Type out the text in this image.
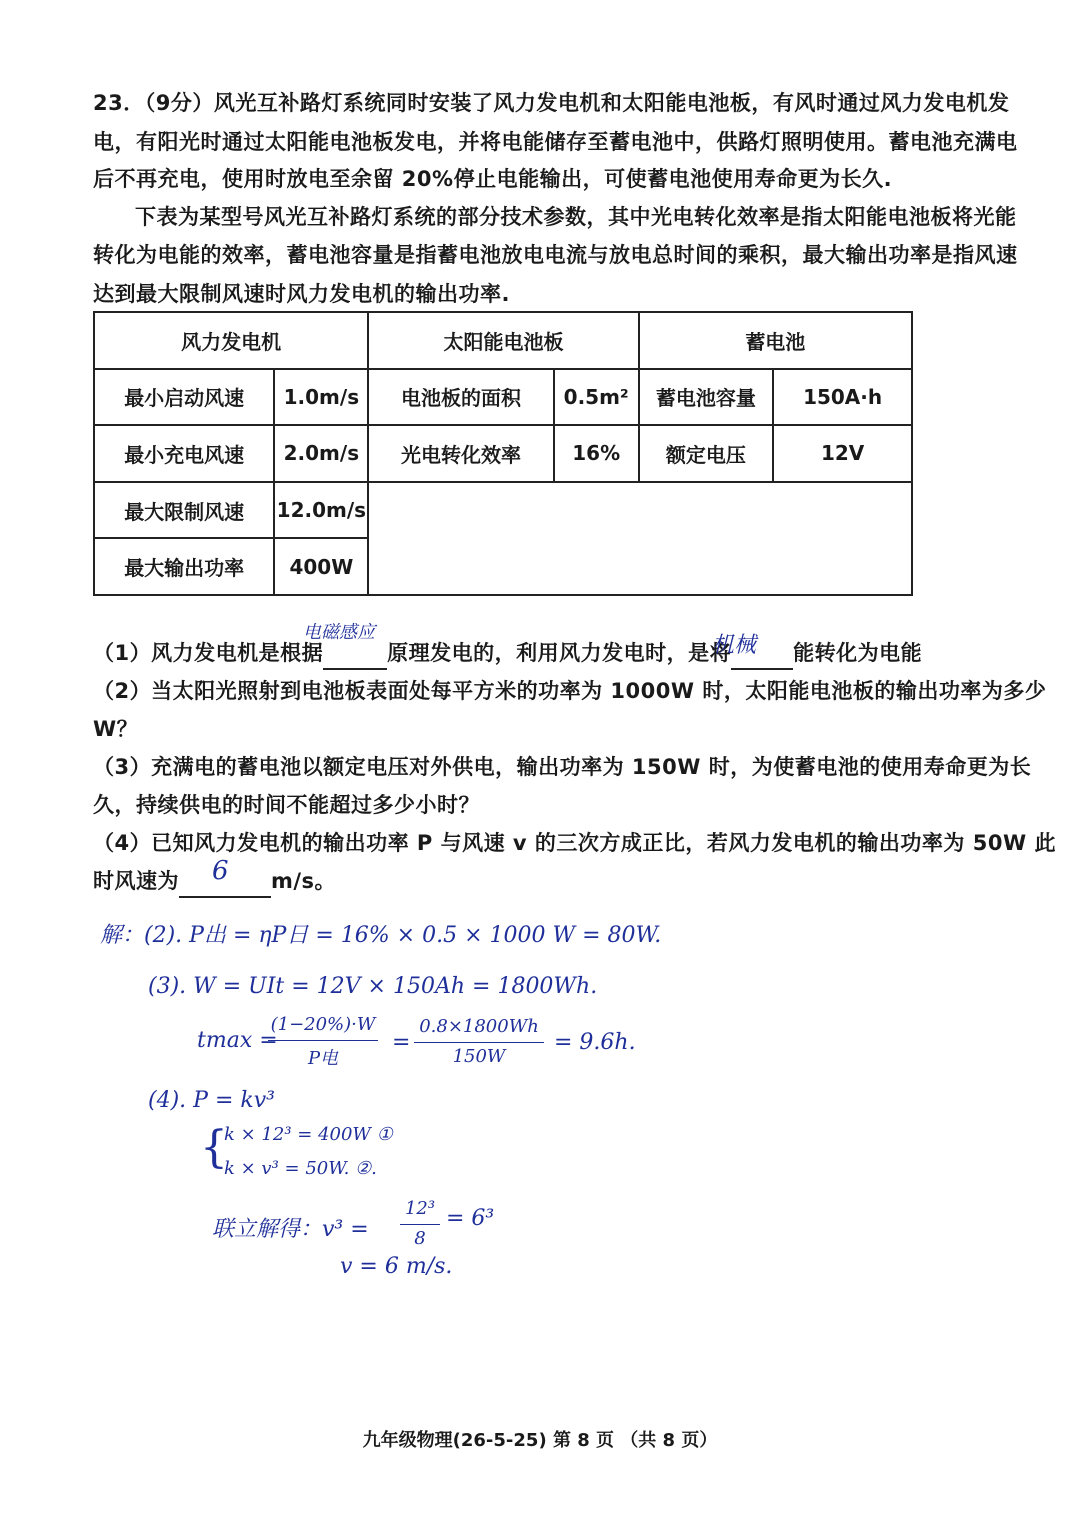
23．（9分）风光互补路灯系统同时安装了风力发电机和太阳能电池板，有风时通过风力发电机发
电，有阳光时通过太阳能电池板发电，并将电能储存至蓄电池中，供路灯照明使用。蓄电池充满电
后不再充电，使用时放电至余留 20%停止电能输出，可使蓄电池使用寿命更为长久.
下表为某型号风光互补路灯系统的部分技术参数，其中光电转化效率是指太阳能电池板将光能
转化为电能的效率，蓄电池容量是指蓄电池放电电流与放电总时间的乘积，最大输出功率是指风速
达到最大限制风速时风力发电机的输出功率.
风力发电机		太阳能电池板		蓄电池	
最小启动风速	1.0m/s	电池板的面积	0.5m²	蓄电池容量	150A·h
最小充电风速	2.0m/s	光电转化效率	16%	额定电压	12V
最大限制风速	12.0m/s				
最大输出功率	400W				
（1）风力发电机是根据	原理发电的，利用风力发电时，是将	能转化为电能
电磁感应
机械
（2）当太阳光照射到电池板表面处每平方米的功率为 1000W 时，太阳能电池板的输出功率为多少
W？
（3）充满电的蓄电池以额定电压对外供电，输出功率为 150W 时，为使蓄电池的使用寿命更为长
久，持续供电的时间不能超过多少小时？
（4）已知风力发电机的输出功率 P 与风速 v 的三次方成正比，若风力发电机的输出功率为 50W 此
时风速为	m/s。
6
解：(2). P出 = ηP日 = 16% × 0.5 × 1000 W = 80W.
(3). W = UIt = 12V × 150Ah = 1800Wh.
tmax =
(1−20%)·W
P电
=
0.8×1800Wh
150W
= 9.6h.
(4). P = kv³
{
k × 12³ = 400W ①
k × v³ = 50W. ②.
联立解得：v³ =
12³
8
= 6³
v = 6 m/s.
九年级物理(26-5-25) 第 8 页 （共 8 页）
